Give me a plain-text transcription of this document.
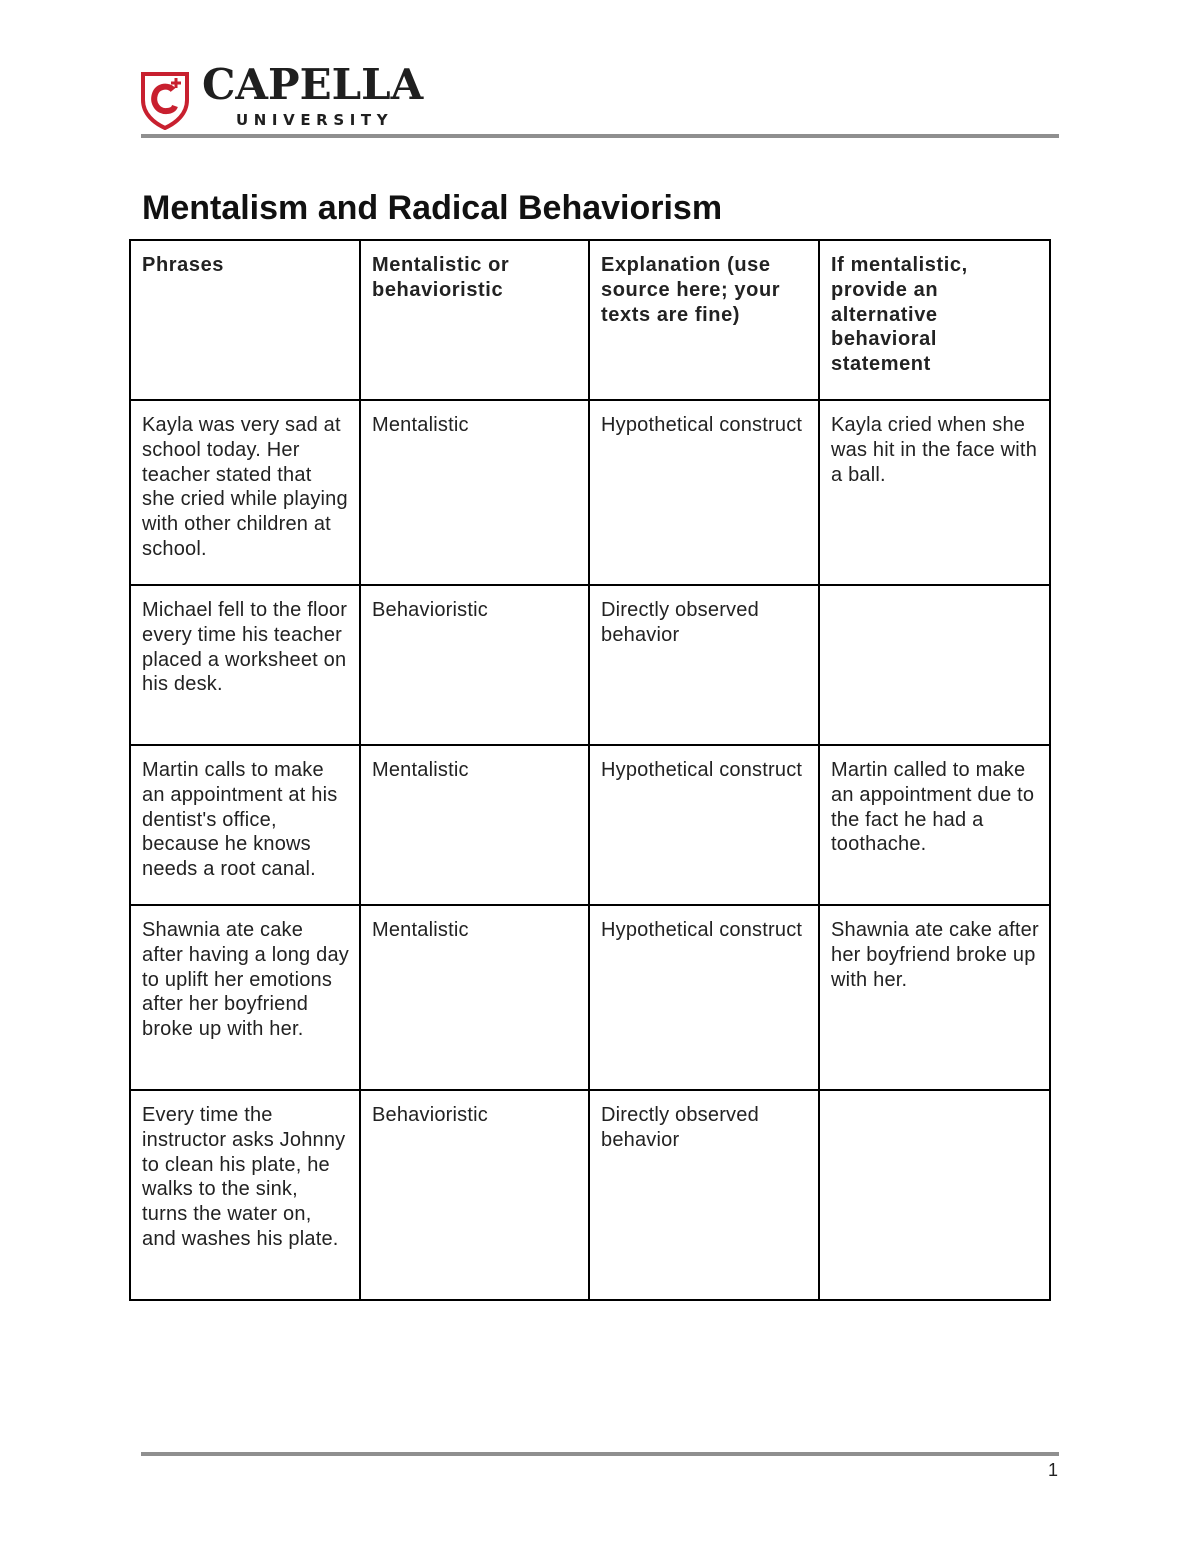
CAPELLA
UNIVERSITY
Mentalism and Radical Behaviorism
Phrases	Mentalistic or behavioristic	Explanation (use source here; your texts are fine)	If mentalistic, provide an alternative behavioral statement
Kayla was very sad at school today. Her teacher stated that she cried while playing with other children at school.	Mentalistic	Hypothetical construct	Kayla cried when she was hit in the face with a ball.
Michael fell to the floor every time his teacher placed a worksheet on his desk.	Behavioristic	Directly observed behavior	
Martin calls to make an appointment at his dentist's office, because he knows needs a root canal.	Mentalistic	Hypothetical construct	Martin called to make an appointment due to the fact he had a toothache.
Shawnia ate cake after having a long day to uplift her emotions after her boyfriend broke up with her.	Mentalistic	Hypothetical construct	Shawnia ate cake after her boyfriend broke up with her.
Every time the instructor asks Johnny to clean his plate, he walks to the sink, turns the water on, and washes his plate.	Behavioristic	Directly observed behavior	
1
